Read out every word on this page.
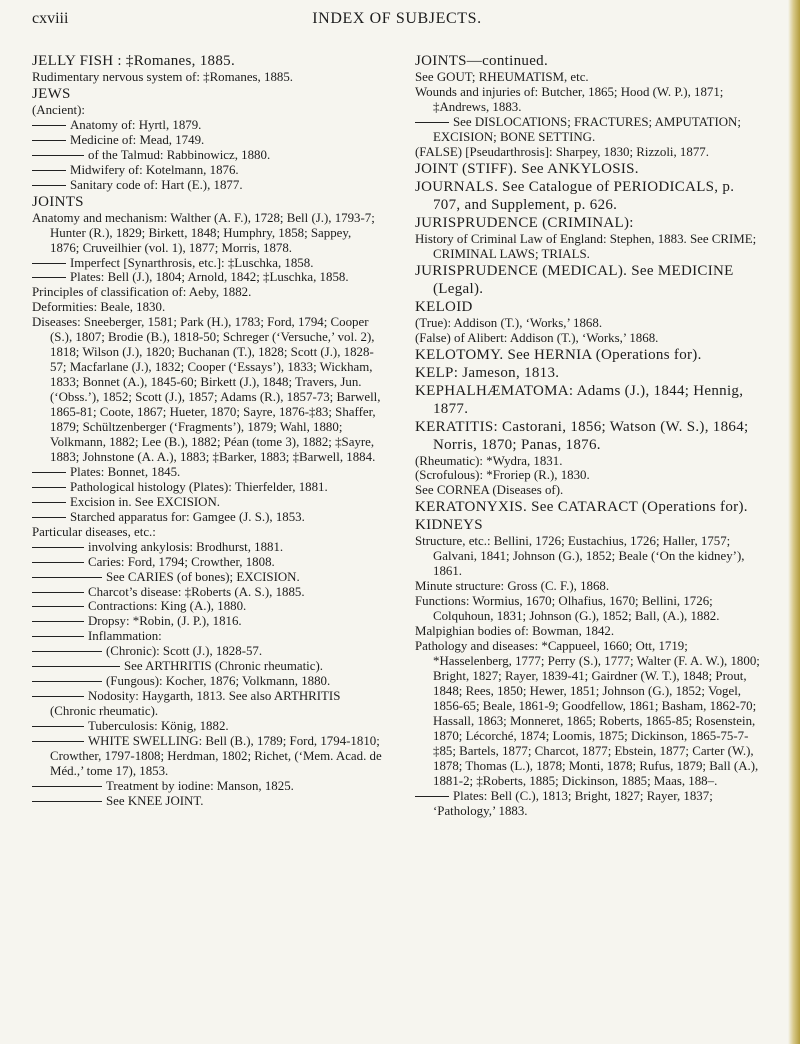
cxviii	INDEX OF SUBJECTS.

JELLY FISH : ‡Romanes, 1885.

Rudimentary nervous system of: ‡Romanes, 1885.

JEWS

(Ancient):

Anatomy of: Hyrtl, 1879.

Medicine of: Mead, 1749.

of the Talmud: Rabbinowicz, 1880.

Midwifery of: Kotelmann, 1876.

Sanitary code of: Hart (E.), 1877.

JOINTS

Anatomy and mechanism: Walther (A. F.), 1728; Bell (J.), 1793-7; Hunter (R.), 1829; Birkett, 1848; Humphry, 1858; Sappey, 1876; Cruveilhier (vol. 1), 1877; Morris, 1878.

Imperfect [Synarthrosis, etc.]: ‡Luschka, 1858.

Plates: Bell (J.), 1804; Arnold, 1842; ‡Luschka, 1858.

Principles of classification of: Aeby, 1882.

Deformities: Beale, 1830.

Diseases: Sneeberger, 1581; Park (H.), 1783; Ford, 1794; Cooper (S.), 1807; Brodie (B.), 1818-50; Schreger (‘Versuche,’ vol. 2), 1818; Wilson (J.), 1820; Buchanan (T.), 1828; Scott (J.), 1828-57; Macfarlane (J.), 1832; Cooper (‘Essays’), 1833; Wickham, 1833; Bonnet (A.), 1845-60; Birkett (J.), 1848; Travers, Jun. (‘Obss.’), 1852; Scott (J.), 1857; Adams (R.), 1857-73; Barwell, 1865-81; Coote, 1867; Hueter, 1870; Sayre, 1876-‡83; Shaffer, 1879; Schültzenberger (‘Fragments’), 1879; Wahl, 1880; Volkmann, 1882; Lee (B.), 1882; Péan (tome 3), 1882; ‡Sayre, 1883; Johnstone (A. A.), 1883; ‡Barker, 1883; ‡Barwell, 1884.

Plates: Bonnet, 1845.

Pathological histology (Plates): Thierfelder, 1881.

Excision in. See EXCISION.

Starched apparatus for: Gamgee (J. S.), 1853.

Particular diseases, etc.:

involving ankylosis: Brodhurst, 1881.

Caries: Ford, 1794; Crowther, 1808.

See CARIES (of bones); EXCISION.

Charcot’s disease: ‡Roberts (A. S.), 1885.

Contractions: King (A.), 1880.

Dropsy: *Robin, (J. P.), 1816.

Inflammation:

(Chronic): Scott (J.), 1828-57.

See ARTHRITIS (Chronic rheumatic).

(Fungous): Kocher, 1876; Volkmann, 1880.

Nodosity: Haygarth, 1813. See also ARTHRITIS (Chronic rheumatic).

Tuberculosis: König, 1882.

WHITE SWELLING: Bell (B.), 1789; Ford, 1794-1810; Crowther, 1797-1808; Herdman, 1802; Richet, (‘Mem. Acad. de Méd.,’ tome 17), 1853.

Treatment by iodine: Manson, 1825.

See KNEE JOINT.

JOINTS—continued.

See GOUT; RHEUMATISM, etc.

Wounds and injuries of: Butcher, 1865; Hood (W. P.), 1871; ‡Andrews, 1883.

See DISLOCATIONS; FRACTURES; AMPUTATION; EXCISION; BONE SETTING.

(FALSE) [Pseudarthrosis]: Sharpey, 1830; Rizzoli, 1877.

JOINT (STIFF). See ANKYLOSIS.

JOURNALS. See Catalogue of PERIODICALS, p. 707, and Supplement, p. 626.

JURISPRUDENCE (CRIMINAL):

History of Criminal Law of England: Stephen, 1883. See CRIME; CRIMINAL LAWS; TRIALS.

JURISPRUDENCE (MEDICAL). See MEDICINE (Legal).

KELOID

(True): Addison (T.), ‘Works,’ 1868.

(False) of Alibert: Addison (T.), ‘Works,’ 1868.

KELOTOMY. See HERNIA (Operations for).

KELP: Jameson, 1813.

KEPHALHÆMATOMA: Adams (J.), 1844; Hennig, 1877.

KERATITIS: Castorani, 1856; Watson (W. S.), 1864; Norris, 1870; Panas, 1876.

(Rheumatic): *Wydra, 1831.

(Scrofulous): *Froriep (R.), 1830.

See CORNEA (Diseases of).

KERATONYXIS. See CATARACT (Operations for).

KIDNEYS

Structure, etc.: Bellini, 1726; Eustachius, 1726; Haller, 1757; Galvani, 1841; Johnson (G.), 1852; Beale (‘On the kidney’), 1861.

Minute structure: Gross (C. F.), 1868.

Functions: Wormius, 1670; Olhafius, 1670; Bellini, 1726; Colquhoun, 1831; Johnson (G.), 1852; Ball, (A.), 1882.

Malpighian bodies of: Bowman, 1842.

Pathology and diseases: *Cappueel, 1660; Ott, 1719; *Hasselenberg, 1777; Perry (S.), 1777; Walter (F. A. W.), 1800; Bright, 1827; Rayer, 1839-41; Gairdner (W. T.), 1848; Prout, 1848; Rees, 1850; Hewer, 1851; Johnson (G.), 1852; Vogel, 1856-65; Beale, 1861-9; Goodfellow, 1861; Basham, 1862-70; Hassall, 1863; Monneret, 1865; Roberts, 1865-85; Rosenstein, 1870; Lécorché, 1874; Loomis, 1875; Dickinson, 1865-75-7-‡85; Bartels, 1877; Charcot, 1877; Ebstein, 1877; Carter (W.), 1878; Thomas (L.), 1878; Monti, 1878; Rufus, 1879; Ball (A.), 1881-2; ‡Roberts, 1885; Dickinson, 1885; Maas, 188–.

Plates: Bell (C.), 1813; Bright, 1827; Rayer, 1837; ‘Pathology,’ 1883.
